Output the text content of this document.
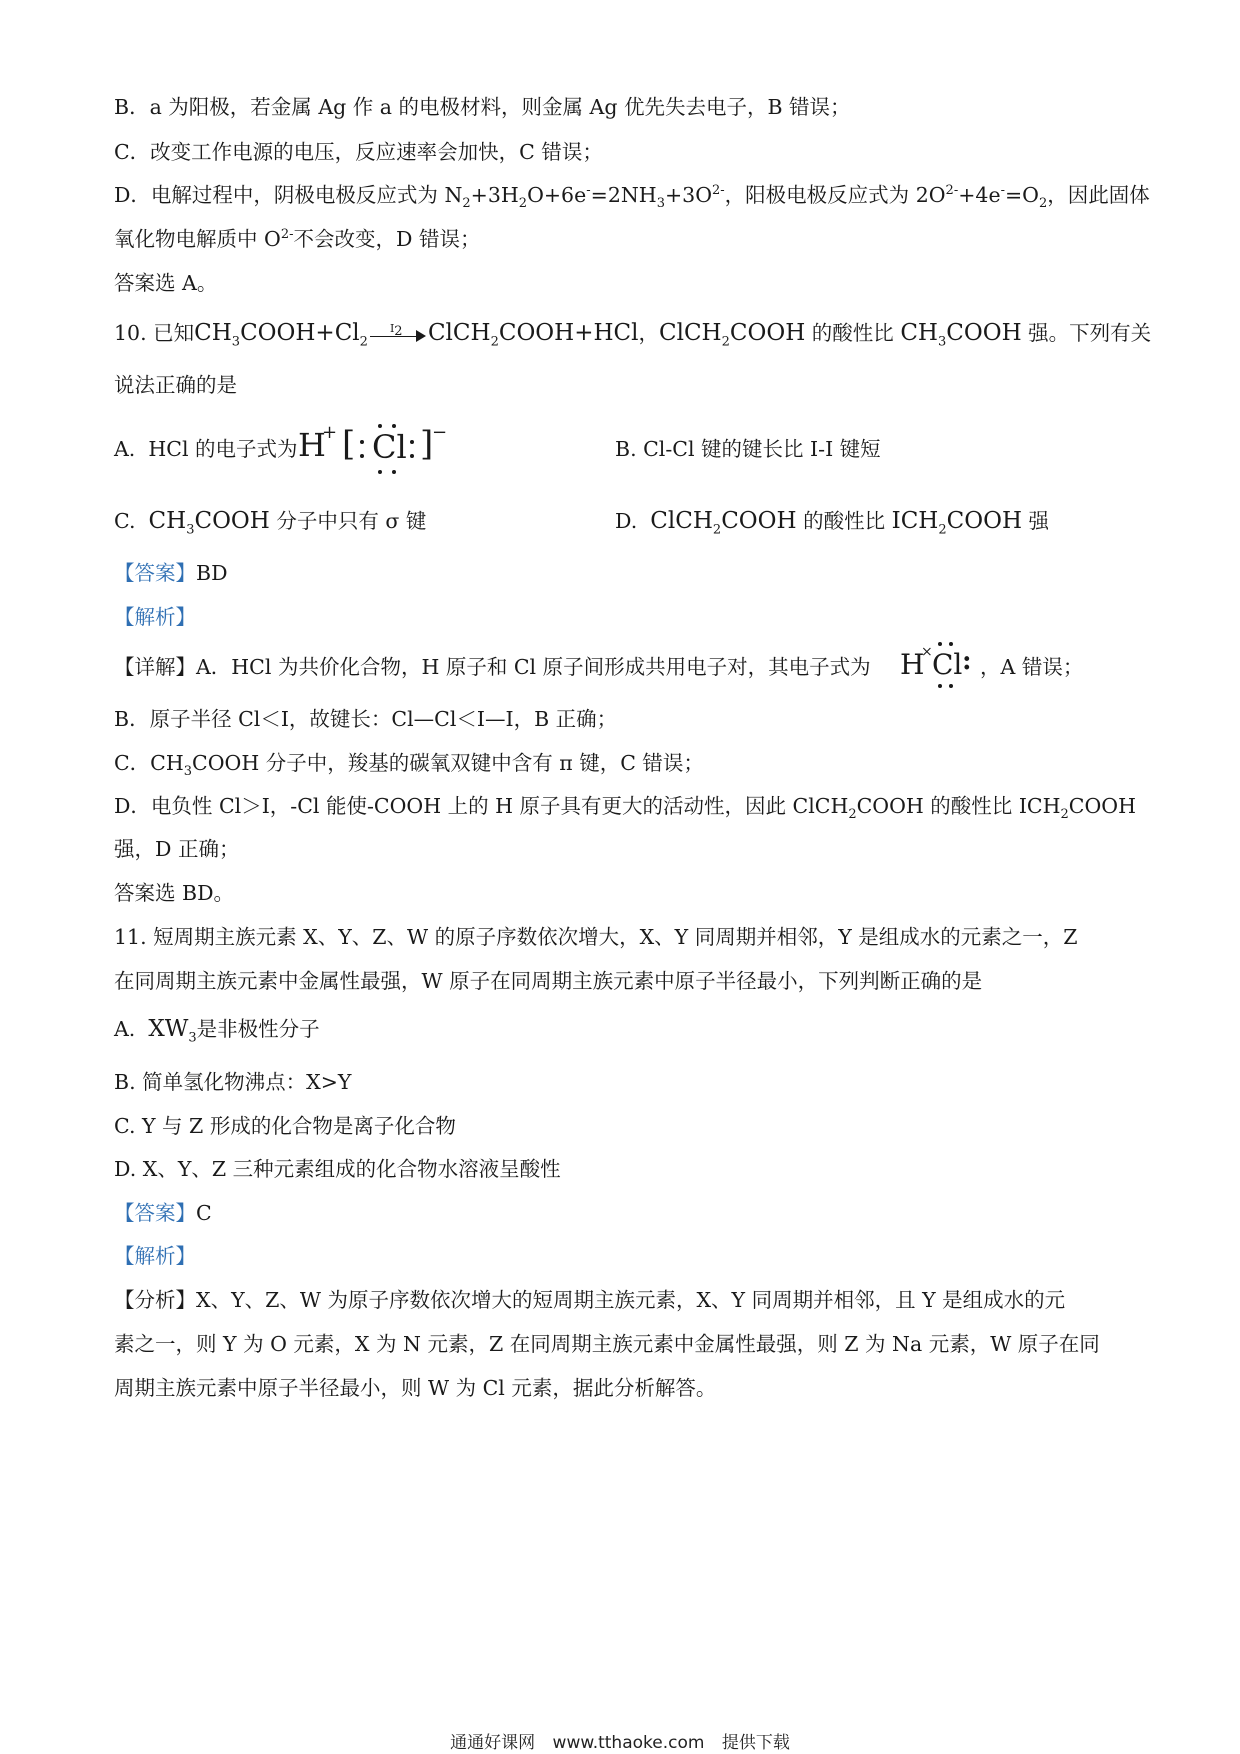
B．a 为阳极，若金属 Ag 作 a 的电极材料，则金属 Ag 优先失去电子，B 错误；
C．改变工作电源的电压，反应速率会加快，C 错误；
D．电解过程中，阴极电极反应式为 $N_2+3H_2O+6e^-=2NH_3+3O^{2-}$，阳极电极反应式为 $2O^{2-}+4e^-=O_2$，因此固体
氧化物电解质中 $O^{2-}$不会改变，D 错误；
答案选 A。
10. 已知$CH_3COOH+Cl_2$
$I_2$ ClCH$_2$COOH+HCl，ClCH$_2$COOH 的酸性比 $CH_3COOH$ 强。下列有关
说法正确的是
A. HCl 的电子式为 H
+ [ Cl ]
−
B. Cl-Cl 键的键长比 I-I 键短
C. $CH_3COOH$ 分子中只有 σ 键	D. ClCH$_2$COOH 的酸性比 $ICH_2COOH$ 强
【答案】BD
【解析】
【详解】A．HCl 为共价化合物，H 原子和 Cl 原子间形成共用电子对，其电子式为 H
× Cl : ，A 错误；
B．原子半径 Cl＜I，故键长：Cl—Cl＜I—I，B 正确；
C．$CH_3COOH$ 分子中，羧基的碳氧双键中含有 π 键，C 错误；
D．电负性 Cl＞I，-Cl 能使-COOH 上的 H 原子具有更大的活动性，因此 ClCH$_2$COOH 的酸性比 $ICH_2COOH$
强，D 正确；
答案选 BD。
11. 短周期主族元素 X、Y、Z、W 的原子序数依次增大，X、Y 同周期并相邻，Y 是组成水的元素之一，Z
在同周期主族元素中金属性最强，W 原子在同周期主族元素中原子半径最小，下列判断正确的是
A. $XW_3$是非极性分子
B. 简单氢化物沸点：X>Y
C. Y 与 Z 形成的化合物是离子化合物
D. X、Y、Z 三种元素组成的化合物水溶液呈酸性
【答案】C
【解析】
【分析】X、Y、Z、W 为原子序数依次增大的短周期主族元素，X、Y 同周期并相邻，且 Y 是组成水的元
素之一，则 Y 为 O 元素，X 为 N 元素，Z 在同周期主族元素中金属性最强，则 Z 为 Na 元素，W 原子在同
周期主族元素中原子半径最小，则 W 为 Cl 元素，据此分析解答。
通通好课网 www.tthaoke.com 提供下载
